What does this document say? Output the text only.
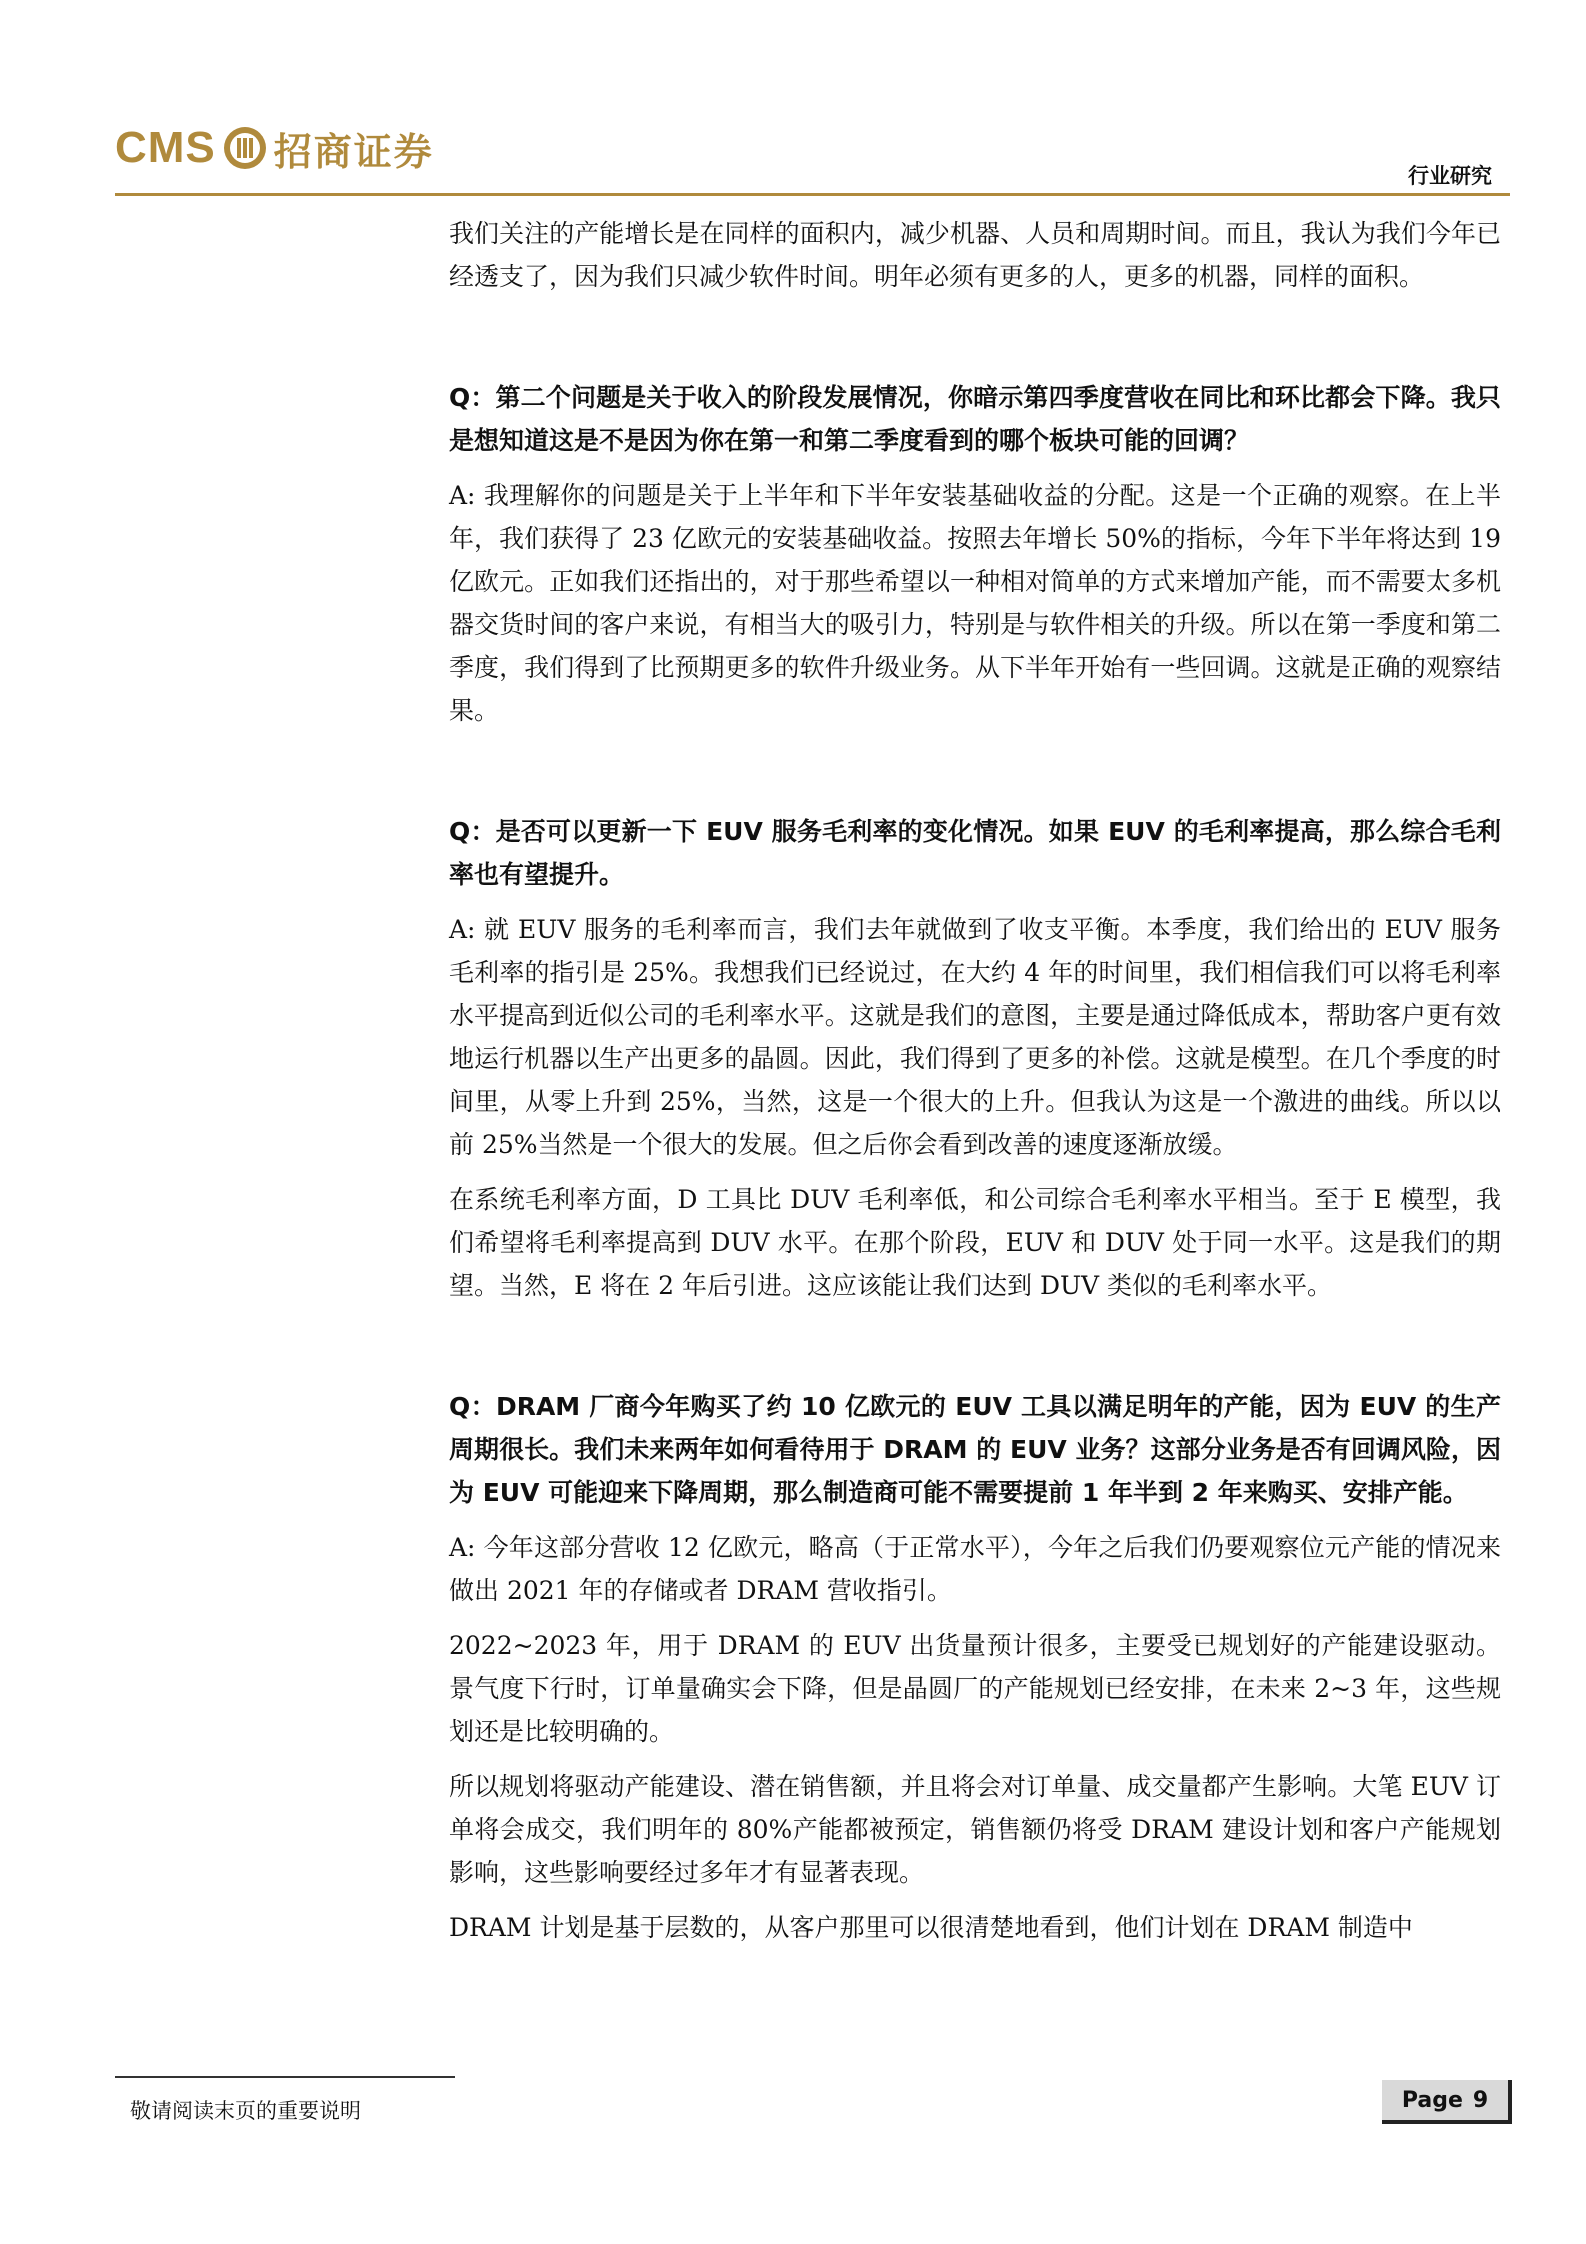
CMS 招商证券
行业研究

我们关注的产能增长是在同样的面积内，减少机器、人员和周期时间。而且，我认为我们今年已经透支了，因为我们只减少软件时间。明年必须有更多的人，更多的机器，同样的面积。

Q：第二个问题是关于收入的阶段发展情况，你暗示第四季度营收在同比和环比都会下降。我只是想知道这是不是因为你在第一和第二季度看到的哪个板块可能的回调？

A: 我理解你的问题是关于上半年和下半年安装基础收益的分配。这是一个正确的观察。在上半年，我们获得了 23 亿欧元的安装基础收益。按照去年增长 50%的指标，今年下半年将达到 19 亿欧元。正如我们还指出的，对于那些希望以一种相对简单的方式来增加产能，而不需要太多机器交货时间的客户来说，有相当大的吸引力，特别是与软件相关的升级。所以在第一季度和第二季度，我们得到了比预期更多的软件升级业务。从下半年开始有一些回调。这就是正确的观察结果。

Q：是否可以更新一下 EUV 服务毛利率的变化情况。如果 EUV 的毛利率提高，那么综合毛利率也有望提升。

A: 就 EUV 服务的毛利率而言，我们去年就做到了收支平衡。本季度，我们给出的 EUV 服务毛利率的指引是 25%。我想我们已经说过，在大约 4 年的时间里，我们相信我们可以将毛利率水平提高到近似公司的毛利率水平。这就是我们的意图，主要是通过降低成本，帮助客户更有效地运行机器以生产出更多的晶圆。因此，我们得到了更多的补偿。这就是模型。在几个季度的时间里，从零上升到 25%，当然，这是一个很大的上升。但我认为这是一个激进的曲线。所以以前 25%当然是一个很大的发展。但之后你会看到改善的速度逐渐放缓。

在系统毛利率方面，D 工具比 DUV 毛利率低，和公司综合毛利率水平相当。至于 E 模型，我们希望将毛利率提高到 DUV 水平。在那个阶段，EUV 和 DUV 处于同一水平。这是我们的期望。当然，E 将在 2 年后引进。这应该能让我们达到 DUV 类似的毛利率水平。

Q：DRAM 厂商今年购买了约 10 亿欧元的 EUV 工具以满足明年的产能，因为 EUV 的生产周期很长。我们未来两年如何看待用于 DRAM 的 EUV 业务？这部分业务是否有回调风险，因为 EUV 可能迎来下降周期，那么制造商可能不需要提前 1 年半到 2 年来购买、安排产能。

A: 今年这部分营收 12 亿欧元，略高（于正常水平），今年之后我们仍要观察位元产能的情况来做出 2021 年的存储或者 DRAM 营收指引。

2022~2023 年，用于 DRAM 的 EUV 出货量预计很多，主要受已规划好的产能建设驱动。景气度下行时，订单量确实会下降，但是晶圆厂的产能规划已经安排，在未来 2~3 年，这些规划还是比较明确的。

所以规划将驱动产能建设、潜在销售额，并且将会对订单量、成交量都产生影响。大笔 EUV 订单将会成交，我们明年的 80%产能都被预定，销售额仍将受 DRAM 建设计划和客户产能规划影响，这些影响要经过多年才有显著表现。

DRAM 计划是基于层数的，从客户那里可以很清楚地看到，他们计划在 DRAM 制造中

敬请阅读末页的重要说明	Page 9
